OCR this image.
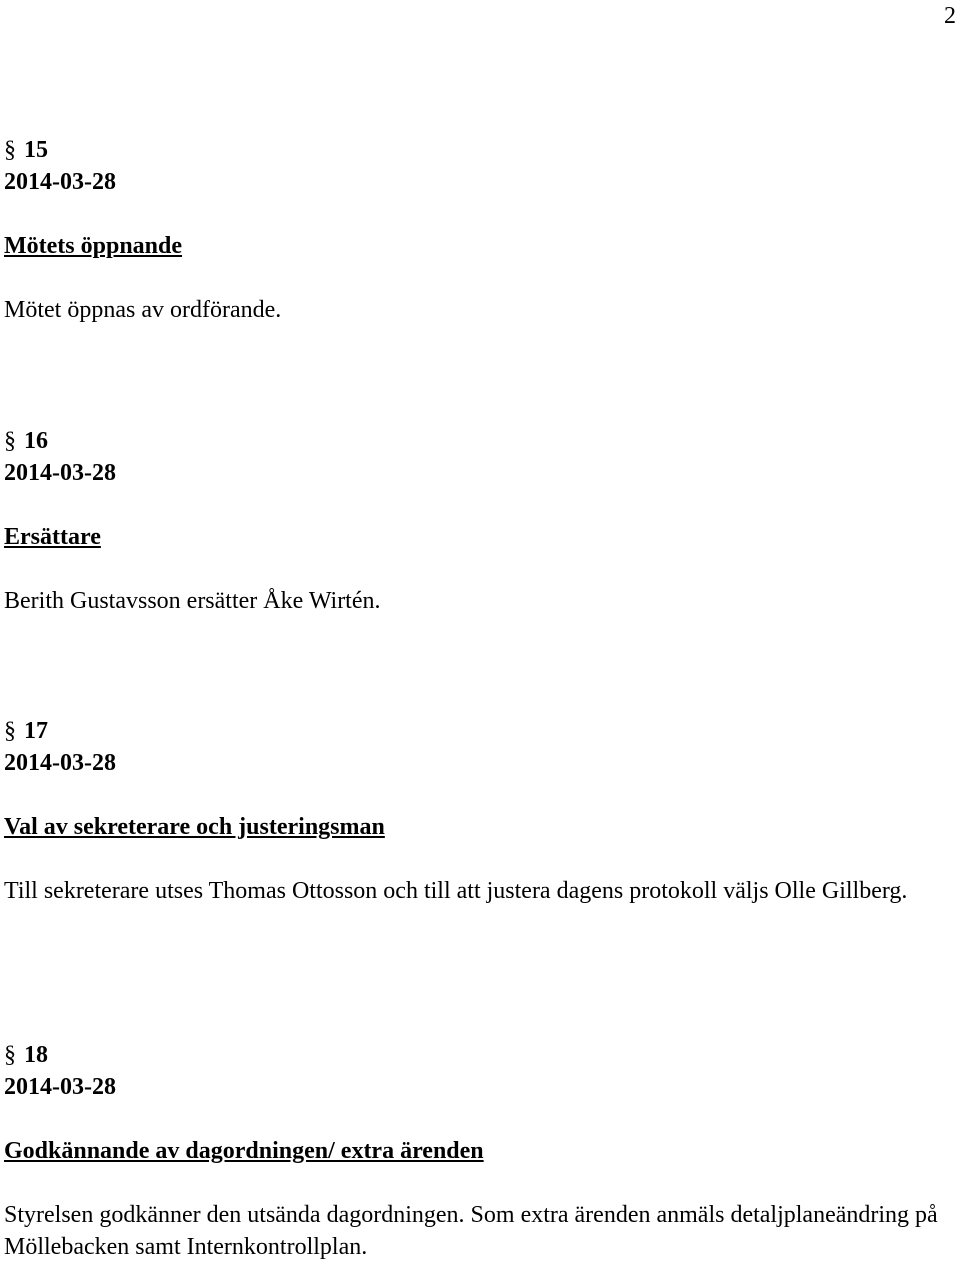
2

§ 15

2014-03-28

Mötets öppnande

Mötet öppnas av ordförande.

§ 16

2014-03-28

Ersättare

Berith Gustavsson ersätter Åke Wirtén.

§ 17

2014-03-28

Val av sekreterare och justeringsman

Till sekreterare utses Thomas Ottosson och till att justera dagens protokoll väljs Olle Gillberg.

§ 18

2014-03-28

Godkännande av dagordningen/ extra ärenden

Styrelsen godkänner den utsända dagordningen. Som extra ärenden anmäls detaljplaneändring på Möllebacken samt Internkontrollplan.
